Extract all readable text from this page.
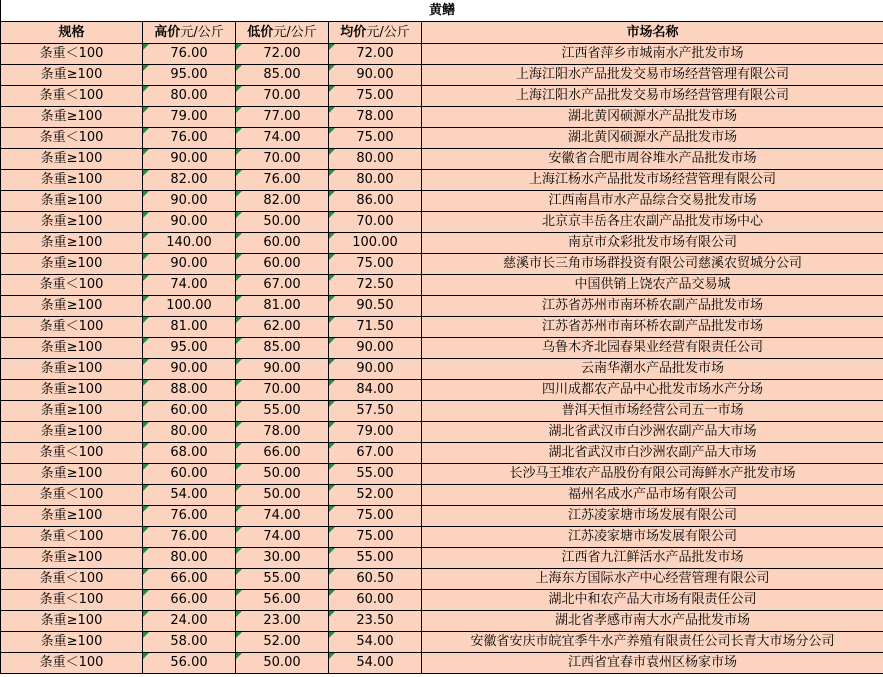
黄鳝				
规格	高价元/公斤	低价元/公斤	均价元/公斤	市场名称
条重＜100	76.00	72.00	72.00	江西省萍乡市城南水产批发市场
条重≥100	95.00	85.00	90.00	上海江阳水产品批发交易市场经营管理有限公司
条重＜100	80.00	70.00	75.00	上海江阳水产品批发交易市场经营管理有限公司
条重≥100	79.00	77.00	78.00	湖北黄冈硕源水产品批发市场
条重＜100	76.00	74.00	75.00	湖北黄冈硕源水产品批发市场
条重≥100	90.00	70.00	80.00	安徽省合肥市周谷堆水产品批发市场
条重≥100	82.00	76.00	80.00	上海江杨水产品批发市场经营管理有限公司
条重≥100	90.00	82.00	86.00	江西南昌市水产品综合交易批发市场
条重≥100	90.00	50.00	70.00	北京京丰岳各庄农副产品批发市场中心
条重≥100	140.00	60.00	100.00	南京市众彩批发市场有限公司
条重≥100	90.00	60.00	75.00	慈溪市长三角市场群投资有限公司慈溪农贸城分公司
条重＜100	74.00	67.00	72.50	中国供销上饶农产品交易城
条重≥100	100.00	81.00	90.50	江苏省苏州市南环桥农副产品批发市场
条重＜100	81.00	62.00	71.50	江苏省苏州市南环桥农副产品批发市场
条重≥100	95.00	85.00	90.00	乌鲁木齐北园春果业经营有限责任公司
条重≥100	90.00	90.00	90.00	云南华潮水产品批发市场
条重≥100	88.00	70.00	84.00	四川成都农产品中心批发市场水产分场
条重≥100	60.00	55.00	57.50	普洱天恒市场经营公司五一市场
条重≥100	80.00	78.00	79.00	湖北省武汉市白沙洲农副产品大市场
条重＜100	68.00	66.00	67.00	湖北省武汉市白沙洲农副产品大市场
条重≥100	60.00	50.00	55.00	长沙马王堆农产品股份有限公司海鲜水产批发市场
条重＜100	54.00	50.00	52.00	福州名成水产品市场有限公司
条重≥100	76.00	74.00	75.00	江苏凌家塘市场发展有限公司
条重＜100	76.00	74.00	75.00	江苏凌家塘市场发展有限公司
条重≥100	80.00	30.00	55.00	江西省九江鲜活水产品批发市场
条重＜100	66.00	55.00	60.50	上海东方国际水产中心经营管理有限公司
条重＜100	66.00	56.00	60.00	湖北中和农产品大市场有限责任公司
条重≥100	24.00	23.00	23.50	湖北省孝感市南大水产品批发市场
条重≥100	58.00	52.00	54.00	安徽省安庆市皖宜季牛水产养殖有限责任公司长青大市场分公司
条重＜100	56.00	50.00	54.00	江西省宜春市袁州区杨家市场
